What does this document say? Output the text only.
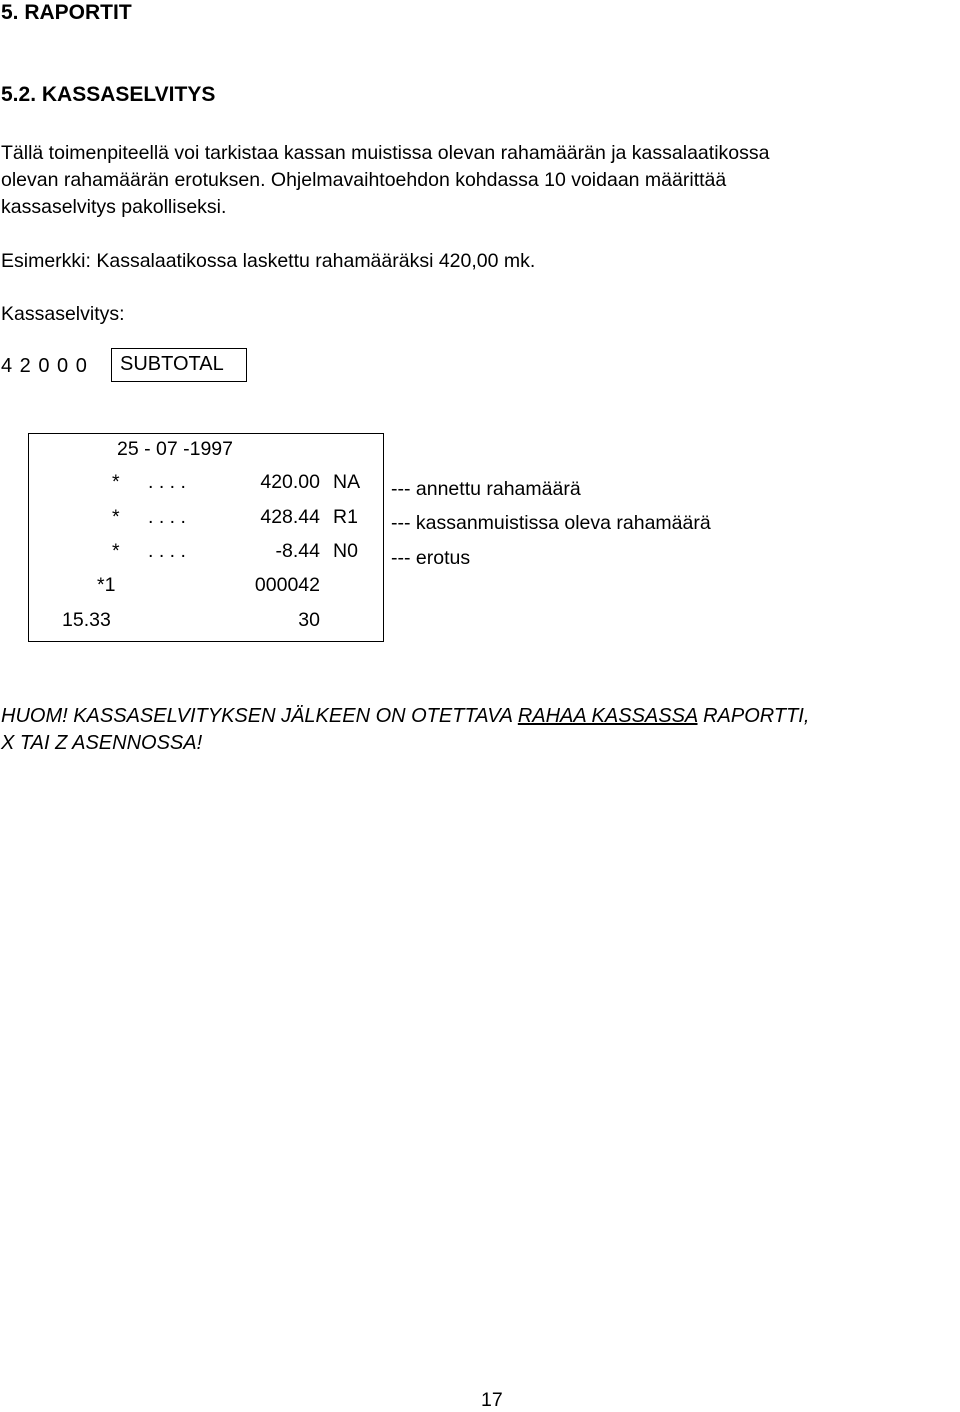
5. RAPORTIT
5.2. KASSASELVITYS
Tällä toimenpiteellä voi tarkistaa kassan muistissa olevan rahamäärän ja kassalaatikossa
olevan rahamäärän erotuksen. Ohjelmavaihtoehdon kohdassa 10 voidaan määrittää
kassaselvitys pakolliseksi.
Esimerkki: Kassalaatikossa laskettu rahamääräksi 420,00 mk.
Kassaselvitys:
4 2 0 0 0 SUBTOTAL
25 - 07 -1997
* . . . .	420.00 NA
* . . . .	428.44 R1
* . . . .	-8.44 N0
*1	000042
15.33	30
--- annettu rahamäärä
--- kassanmuistissa oleva rahamäärä
--- erotus
HUOM! KASSASELVITYKSEN JÄLKEEN ON OTETTAVA RAHAA KASSASSA RAPORTTI,
X TAI Z ASENNOSSA!
17
